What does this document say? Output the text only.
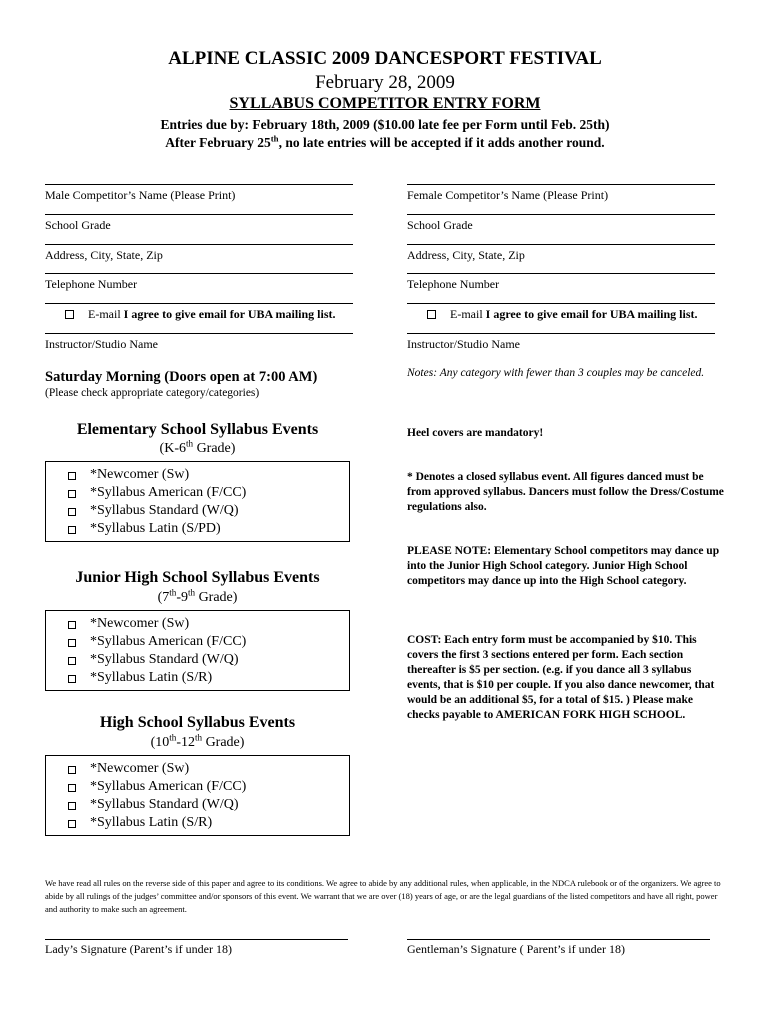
ALPINE CLASSIC 2009 DANCESPORT FESTIVAL
February 28, 2009
SYLLABUS COMPETITOR ENTRY FORM
Entries due by: February 18th, 2009 ($10.00 late fee per Form until Feb. 25th)
After February 25th, no late entries will be accepted if it adds another round.
Male Competitor’s Name (Please Print)
School Grade
Address, City, State, Zip
Telephone Number
E-mail I agree to give email for UBA mailing list.
Instructor/Studio Name
Female Competitor’s Name (Please Print)
School Grade
Address, City, State, Zip
Telephone Number
E-mail I agree to give email for UBA mailing list.
Instructor/Studio Name
Saturday Morning (Doors open at 7:00 AM)
(Please check appropriate category/categories)
Elementary School Syllabus Events
(K-6th Grade)
*Newcomer (Sw)
*Syllabus American (F/CC)
*Syllabus Standard (W/Q)
*Syllabus Latin (S/PD)
Junior High School Syllabus Events
(7th-9th Grade)
*Newcomer (Sw)
*Syllabus American (F/CC)
*Syllabus Standard (W/Q)
*Syllabus Latin (S/R)
High School Syllabus Events
(10th-12th Grade)
*Newcomer (Sw)
*Syllabus American (F/CC)
*Syllabus Standard (W/Q)
*Syllabus Latin (S/R)
Notes: Any category with fewer than 3 couples may be canceled.
Heel covers are mandatory!
* Denotes a closed syllabus event. All figures danced must be from approved syllabus. Dancers must follow the Dress/Costume regulations also.
PLEASE NOTE: Elementary School competitors may dance up into the Junior High School category. Junior High School competitors may dance up into the High School category.
COST: Each entry form must be accompanied by $10. This covers the first 3 sections entered per form. Each section thereafter is $5 per section. (e.g. if you dance all 3 syllabus events, that is $10 per couple. If you also dance newcomer, that would be an additional $5, for a total of $15. ) Please make checks payable to AMERICAN FORK HIGH SCHOOL.
We have read all rules on the reverse side of this paper and agree to its conditions. We agree to abide by any additional rules, when applicable, in the NDCA rulebook or of the organizers. We agree to abide by all rulings of the judges’ committee and/or sponsors of this event. We warrant that we are over (18) years of age, or are the legal guardians of the listed competitors and have all right, power and authority to make such an agreement.
Lady’s Signature (Parent’s if under 18)	Gentleman’s Signature ( Parent’s if under 18)
